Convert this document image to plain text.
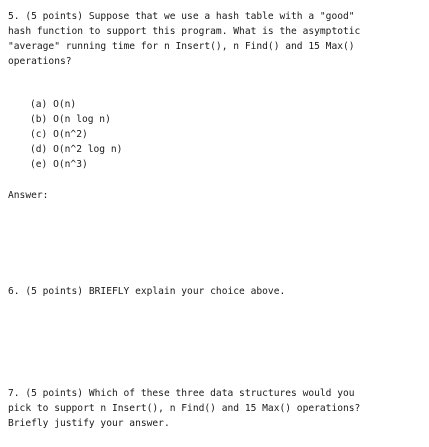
5. (5 points) Suppose that we use a hash table with a "good"
hash function to support this program. What is the asymptotic
"average" running time for n Insert(), n Find() and 15 Max()
operations?
(a) O(n)
(b) O(n log n)
(c) O(n^2)
(d) O(n^2 log n)
(e) O(n^3)
Answer:
6. (5 points) BRIEFLY explain your choice above.
7. (5 points) Which of these three data structures would you
pick to support n Insert(), n Find() and 15 Max() operations?
Briefly justify your answer.
